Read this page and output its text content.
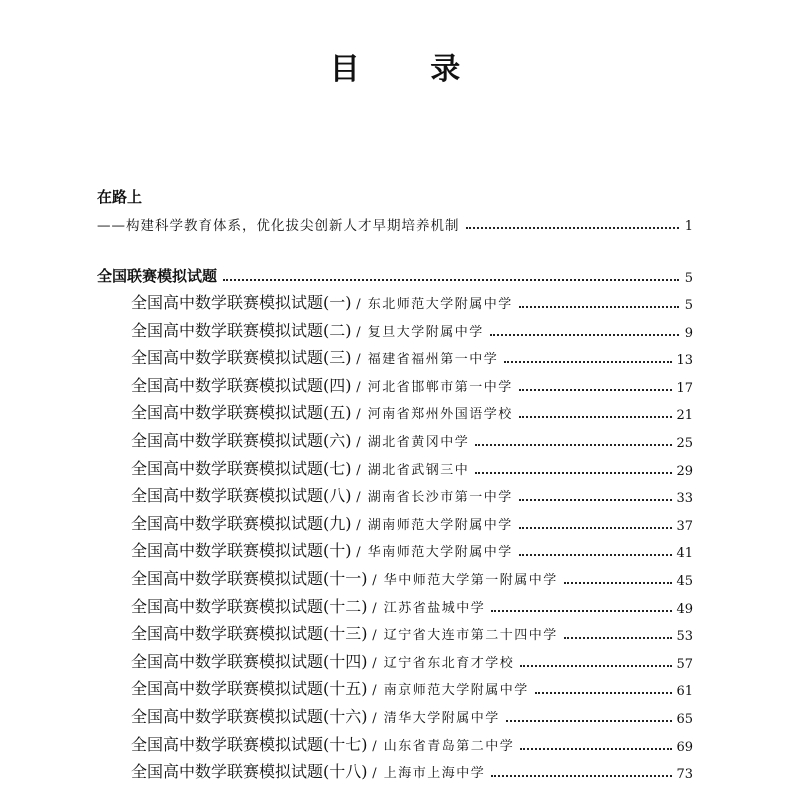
目 录
在路上
——构建科学教育体系，优化拔尖创新人才早期培养机制	1
全国联赛模拟试题	5
全国高中数学联赛模拟试题(一) / 东北师范大学附属中学	5
全国高中数学联赛模拟试题(二) / 复旦大学附属中学	9
全国高中数学联赛模拟试题(三) / 福建省福州第一中学	13
全国高中数学联赛模拟试题(四) / 河北省邯郸市第一中学	17
全国高中数学联赛模拟试题(五) / 河南省郑州外国语学校	21
全国高中数学联赛模拟试题(六) / 湖北省黄冈中学	25
全国高中数学联赛模拟试题(七) / 湖北省武钢三中	29
全国高中数学联赛模拟试题(八) / 湖南省长沙市第一中学	33
全国高中数学联赛模拟试题(九) / 湖南师范大学附属中学	37
全国高中数学联赛模拟试题(十) / 华南师范大学附属中学	41
全国高中数学联赛模拟试题(十一) / 华中师范大学第一附属中学	45
全国高中数学联赛模拟试题(十二) / 江苏省盐城中学	49
全国高中数学联赛模拟试题(十三) / 辽宁省大连市第二十四中学	53
全国高中数学联赛模拟试题(十四) / 辽宁省东北育才学校	57
全国高中数学联赛模拟试题(十五) / 南京师范大学附属中学	61
全国高中数学联赛模拟试题(十六) / 清华大学附属中学	65
全国高中数学联赛模拟试题(十七) / 山东省青岛第二中学	69
全国高中数学联赛模拟试题(十八) / 上海市上海中学	73
